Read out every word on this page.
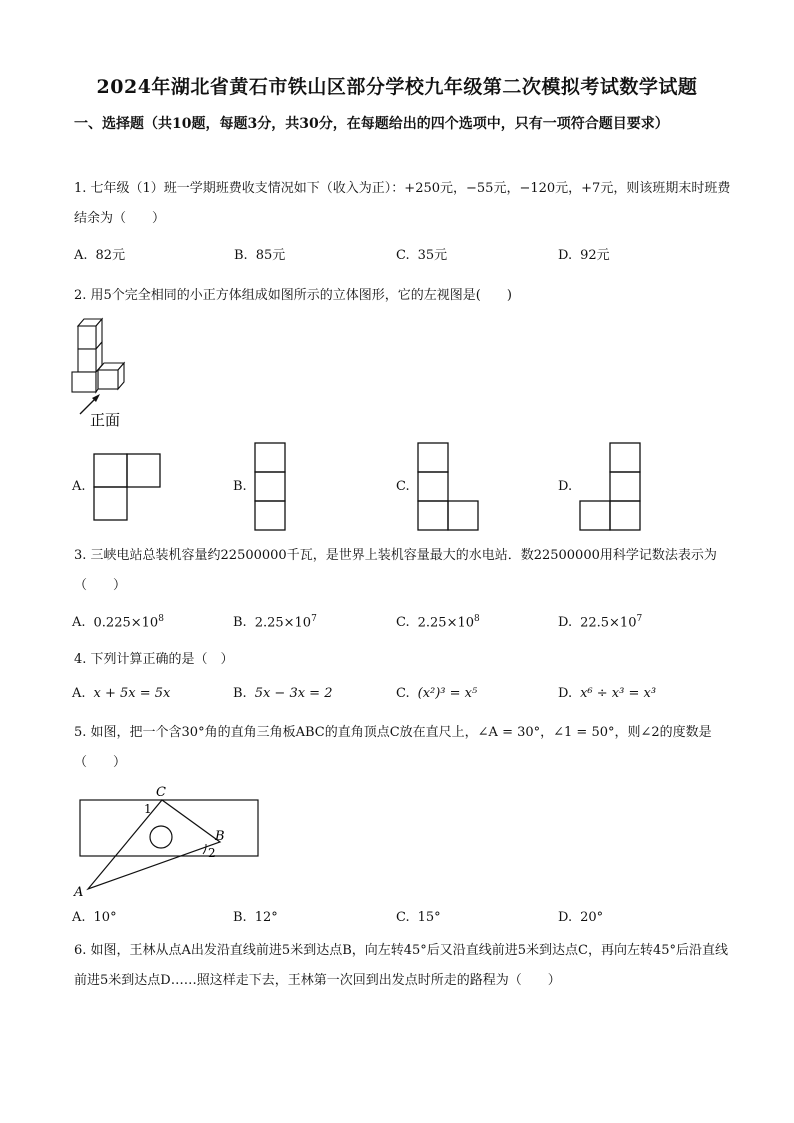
2024年湖北省黄石市铁山区部分学校九年级第二次模拟考试数学试题
一、选择题（共10题，每题3分，共30分，在每题给出的四个选项中，只有一项符合题目要求）
1. 七年级（1）班一学期班费收支情况如下（收入为正）：+250元，−55元，−120元，+7元，则该班期末时班费结余为（　　）
A. 82元	B. 85元	C. 35元	D. 92元
2. 用5个完全相同的小正方体组成如图所示的立体图形，它的左视图是(　　)
正面
A.	B.	C.	D.
3. 三峡电站总装机容量约22500000千瓦，是世界上装机容量最大的水电站．数22500000用科学记数法表示为（　　）
A. $0.225\times 10^8$	B. $2.25\times 10^7$	C. $2.25\times 10^8$	D. $22.5\times 10^7$
4. 下列计算正确的是（　）
A. x + 5x = 5x	B. 5x − 3x = 2	C. (x²)³ = x⁵	D. x⁶ ÷ x³ = x³
5. 如图，把一个含30°角的直角三角板ABC的直角顶点C放在直尺上，∠A = 30°，∠1 = 50°，则∠2的度数是（　　）
C
1
B
2
A
A. 10°	B. 12°	C. 15°	D. 20°
6. 如图，王林从点A出发沿直线前进5米到达点B，向左转45°后又沿直线前进5米到达点C，再向左转45°后沿直线前进5米到达点D……照这样走下去，王林第一次回到出发点时所走的路程为（　　）
